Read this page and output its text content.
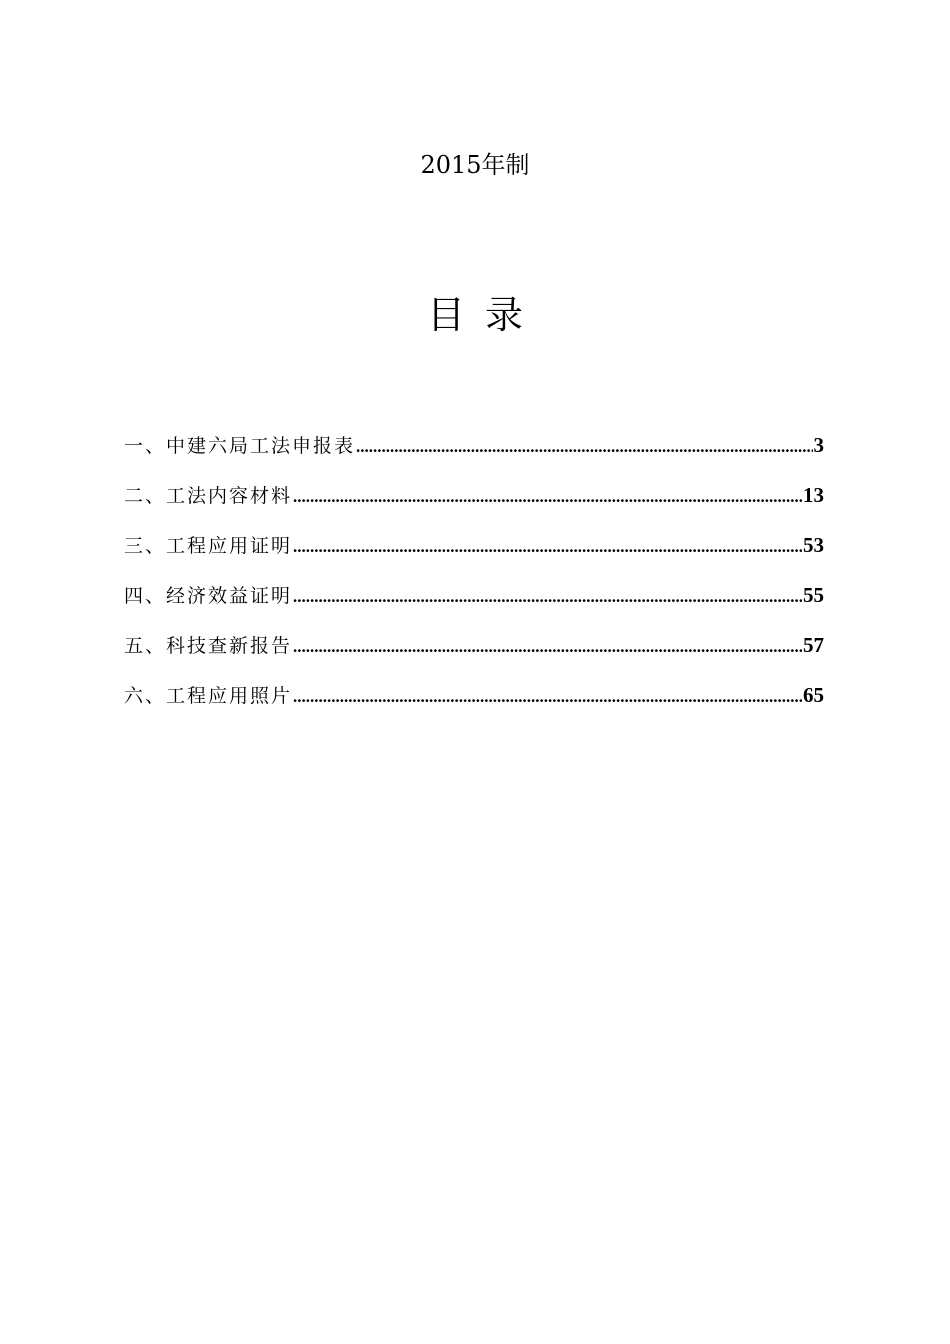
2015年制
目录
一、中建六局工法申报表 .....	3
二、工法内容材料 .....	13
三、工程应用证明 .....	53
四、经济效益证明 .....	55
五、科技查新报告 .....	57
六、工程应用照片 .....	65
